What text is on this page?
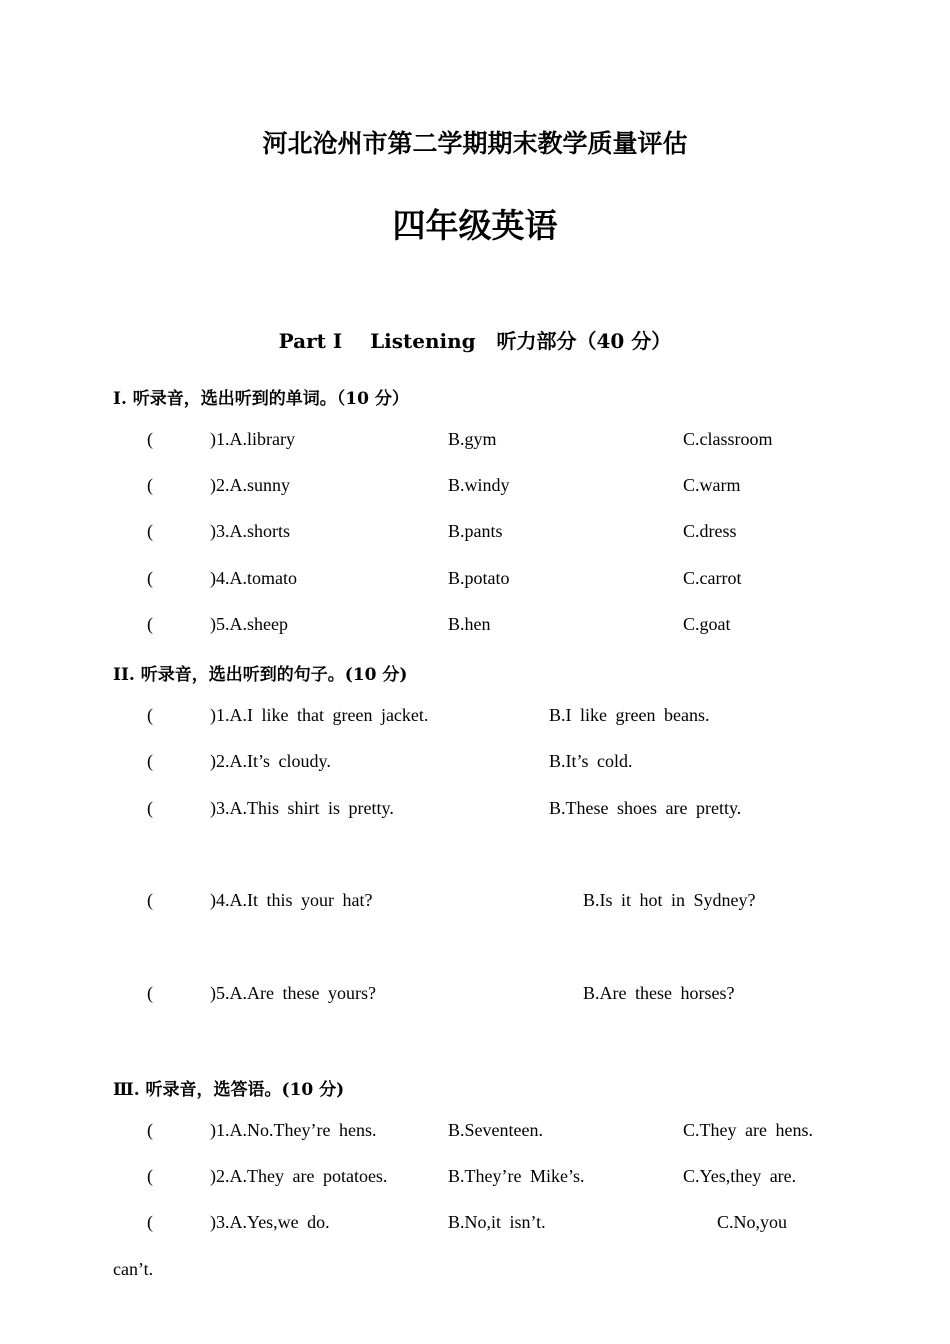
河北沧州市第二学期期末教学质量评估
四年级英语
Part I    Listening   听力部分（40 分）
Ⅰ. 听录音，选出听到的单词。（10 分）
(	)1.A.library	B.gym	C.classroom
(	)2.A.sunny	B.windy	C.warm
(	)3.A.shorts	B.pants	C.dress
(	)4.A.tomato	B.potato	C.carrot
(	)5.A.sheep	B.hen	C.goat
II. 听录音，选出听到的句子。(10 分)
(	)1.A.I like that green jacket.	B.I like green beans.
(	)2.A.It’s cloudy.	B.It’s cold.
(	)3.A.This shirt is pretty.	B.These shoes are pretty.
(	)4.A.It this your hat?	B.Is it hot in Sydney?
(	)5.A.Are these yours?	B.Are these horses?
Ⅲ. 听录音，选答语。(10 分)
(	)1.A.No.They’re hens.	B.Seventeen.	C.They are hens.
(	)2.A.They are potatoes.	B.They’re Mike’s.	C.Yes,they are.
(	)3.A.Yes,we do.	B.No,it isn’t.	C.No,you
can’t.
